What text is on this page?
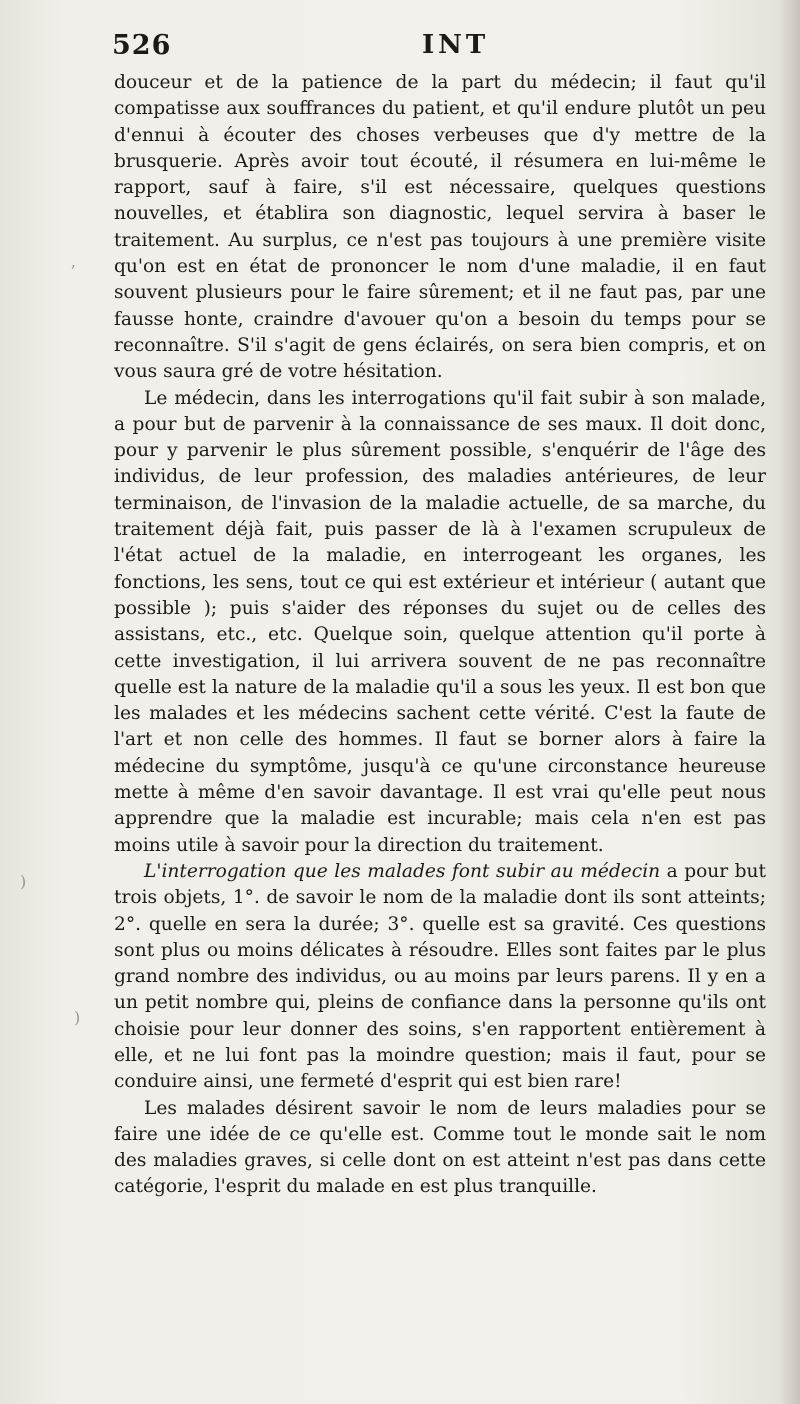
526	INT
ʼ
)
)

douceur et de la patience de la part du médecin; il faut qu'il compatisse aux souffrances du patient, et qu'il endure plutôt un peu d'ennui à écouter des choses verbeuses que d'y mettre de la brusquerie. Après avoir tout écouté, il résumera en lui-même le rapport, sauf à faire, s'il est nécessaire, quelques questions nouvelles, et établira son diagnostic, lequel servira à baser le traitement. Au surplus, ce n'est pas toujours à une première visite qu'on est en état de prononcer le nom d'une maladie, il en faut souvent plusieurs pour le faire sûrement; et il ne faut pas, par une fausse honte, craindre d'avouer qu'on a besoin du temps pour se reconnaître. S'il s'agit de gens éclairés, on sera bien compris, et on vous saura gré de votre hésitation.

Le médecin, dans les interrogations qu'il fait subir à son malade, a pour but de parvenir à la connaissance de ses maux. Il doit donc, pour y parvenir le plus sûrement possible, s'enquérir de l'âge des individus, de leur profession, des maladies antérieures, de leur terminaison, de l'invasion de la maladie actuelle, de sa marche, du traitement déjà fait, puis passer de là à l'examen scrupuleux de l'état actuel de la maladie, en interrogeant les organes, les fonctions, les sens, tout ce qui est extérieur et intérieur ( autant que possible ); puis s'aider des réponses du sujet ou de celles des assistans, etc., etc. Quelque soin, quelque attention qu'il porte à cette investigation, il lui arrivera souvent de ne pas reconnaître quelle est la nature de la maladie qu'il a sous les yeux. Il est bon que les malades et les médecins sachent cette vérité. C'est la faute de l'art et non celle des hommes. Il faut se borner alors à faire la médecine du symptôme, jusqu'à ce qu'une circonstance heureuse mette à même d'en savoir davantage. Il est vrai qu'elle peut nous apprendre que la maladie est incurable; mais cela n'en est pas moins utile à savoir pour la direction du traitement.

L'interrogation que les malades font subir au médecin a pour but trois objets, 1°. de savoir le nom de la maladie dont ils sont atteints; 2°. quelle en sera la durée; 3°. quelle est sa gravité. Ces questions sont plus ou moins délicates à résoudre. Elles sont faites par le plus grand nombre des individus, ou au moins par leurs parens. Il y en a un petit nombre qui, pleins de confiance dans la personne qu'ils ont choisie pour leur donner des soins, s'en rapportent entièrement à elle, et ne lui font pas la moindre question; mais il faut, pour se conduire ainsi, une fermeté d'esprit qui est bien rare!

Les malades désirent savoir le nom de leurs maladies pour se faire une idée de ce qu'elle est. Comme tout le monde sait le nom des maladies graves, si celle dont on est atteint n'est pas dans cette catégorie, l'esprit du malade en est plus tranquille.
